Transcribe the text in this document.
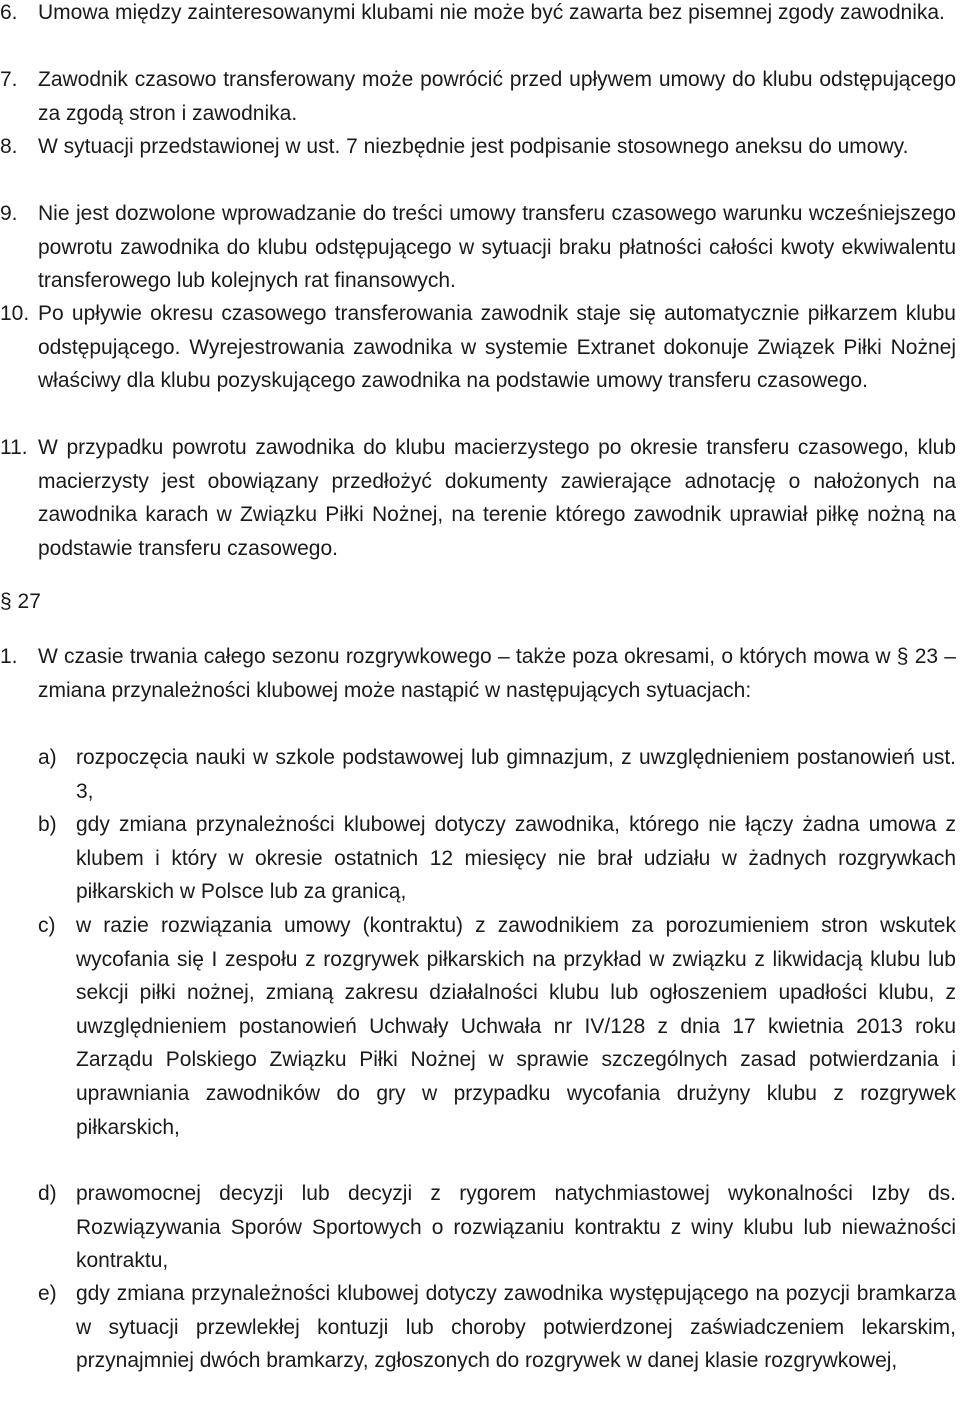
6. Umowa między zainteresowanymi klubami nie może być zawarta bez pisemnej zgody zawodnika.
7. Zawodnik czasowo transferowany może powrócić przed upływem umowy do klubu odstępującego za zgodą stron i zawodnika.
8. W sytuacji przedstawionej w ust. 7 niezbędnie jest podpisanie stosownego aneksu do umowy.
9. Nie jest dozwolone wprowadzanie do treści umowy transferu czasowego warunku wcześniejszego powrotu zawodnika do klubu odstępującego w sytuacji braku płatności całości kwoty ekwiwalentu transferowego lub kolejnych rat finansowych.
10. Po upływie okresu czasowego transferowania zawodnik staje się automatycznie piłkarzem klubu odstępującego. Wyrejestrowania zawodnika w systemie Extranet dokonuje Związek Piłki Nożnej właściwy dla klubu pozyskującego zawodnika na podstawie umowy transferu czasowego.
11. W przypadku powrotu zawodnika do klubu macierzystego po okresie transferu czasowego, klub macierzysty jest obowiązany przedłożyć dokumenty zawierające adnotację o nałożonych na zawodnika karach w Związku Piłki Nożnej, na terenie którego zawodnik uprawiał piłkę nożną na podstawie transferu czasowego.
§ 27
1. W czasie trwania całego sezonu rozgrywkowego – także poza okresami, o których mowa w § 23 – zmiana przynależności klubowej może nastąpić w następujących sytuacjach:
a) rozpoczęcia nauki w szkole podstawowej lub gimnazjum, z uwzględnieniem postanowień ust. 3,
b) gdy zmiana przynależności klubowej dotyczy zawodnika, którego nie łączy żadna umowa z klubem i który w okresie ostatnich 12 miesięcy nie brał udziału w żadnych rozgrywkach piłkarskich w Polsce lub za granicą,
c) w razie rozwiązania umowy (kontraktu) z zawodnikiem za porozumieniem stron wskutek wycofania się I zespołu z rozgrywek piłkarskich na przykład w związku z likwidacją klubu lub sekcji piłki nożnej, zmianą zakresu działalności klubu lub ogłoszeniem upadłości klubu, z uwzględnieniem postanowień Uchwały Uchwała nr IV/128 z dnia 17 kwietnia 2013 roku Zarządu Polskiego Związku Piłki Nożnej w sprawie szczególnych zasad potwierdzania i uprawniania zawodników do gry w przypadku wycofania drużyny klubu z rozgrywek piłkarskich,
d) prawomocnej decyzji lub decyzji z rygorem natychmiastowej wykonalności Izby ds. Rozwiązywania Sporów Sportowych o rozwiązaniu kontraktu z winy klubu lub nieważności kontraktu,
e) gdy zmiana przynależności klubowej dotyczy zawodnika występującego na pozycji bramkarza w sytuacji przewlekłej kontuzji lub choroby potwierdzonej zaświadczeniem lekarskim, przynajmniej dwóch bramkarzy, zgłoszonych do rozgrywek w danej klasie rozgrywkowej,
